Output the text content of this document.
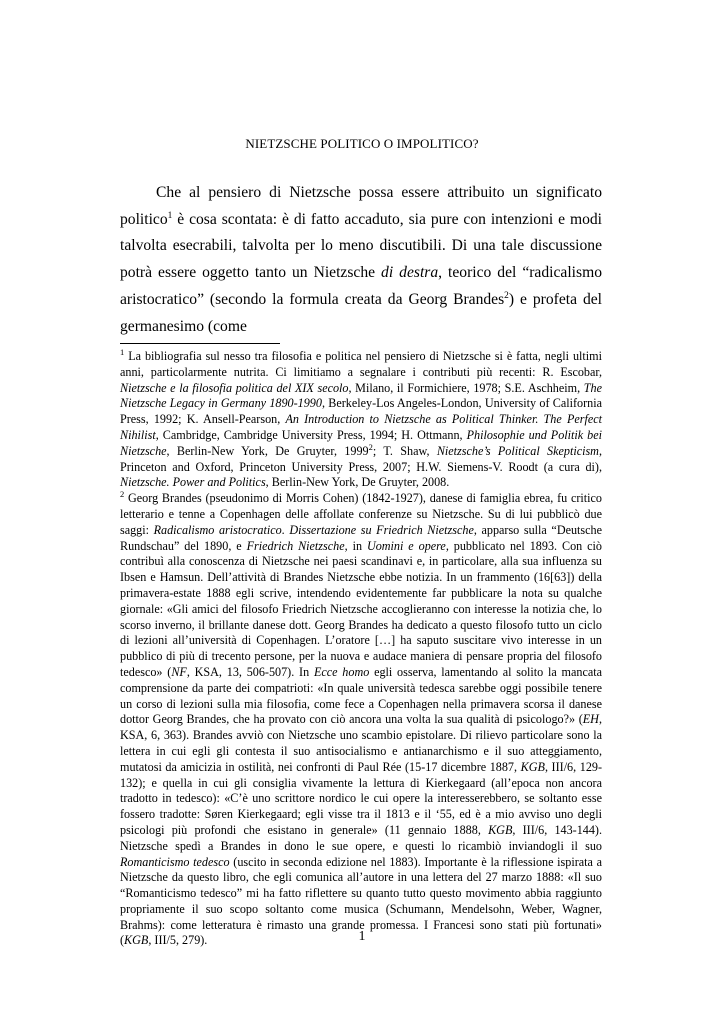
NIETZSCHE POLITICO O IMPOLITICO?

Che al pensiero di Nietzsche possa essere attribuito un significato politico$^1$ è cosa scontata: è di fatto accaduto, sia pure con intenzioni e modi talvolta esecrabili, talvolta per lo meno discutibili. Di una tale discussione potrà essere oggetto tanto un Nietzsche di destra, teorico del “radicalismo aristocratico” (secondo la formula creata da Georg Brandes$^2$) e profeta del germanesimo (come

$^1$ La bibliografia sul nesso tra filosofia e politica nel pensiero di Nietzsche si è fatta, negli ultimi anni, particolarmente nutrita. Ci limitiamo a segnalare i contributi più recenti: R. Escobar, Nietzsche e la filosofia politica del XIX secolo, Milano, il Formichiere, 1978; S.E. Aschheim, The Nietzsche Legacy in Germany 1890-1990, Berkeley-Los Angeles-London, University of California Press, 1992; K. Ansell-Pearson, An Introduction to Nietzsche as Political Thinker. The Perfect Nihilist, Cambridge, Cambridge University Press, 1994; H. Ottmann, Philosophie und Politik bei Nietzsche, Berlin-New York, De Gruyter, 1999$^2$; T. Shaw, Nietzsche’s Political Skepticism, Princeton and Oxford, Princeton University Press, 2007; H.W. Siemens-V. Roodt (a cura di), Nietzsche. Power and Politics, Berlin-New York, De Gruyter, 2008.

$^2$ Georg Brandes (pseudonimo di Morris Cohen) (1842-1927), danese di famiglia ebrea, fu critico letterario e tenne a Copenhagen delle affollate conferenze su Nietzsche. Su di lui pubblicò due saggi: Radicalismo aristocratico. Dissertazione su Friedrich Nietzsche, apparso sulla “Deutsche Rundschau” del 1890, e Friedrich Nietzsche, in Uomini e opere, pubblicato nel 1893. Con ciò contribuì alla conoscenza di Nietzsche nei paesi scandinavi e, in particolare, alla sua influenza su Ibsen e Hamsun. Dell’attività di Brandes Nietzsche ebbe notizia. In un frammento (16[63]) della primavera-estate 1888 egli scrive, intendendo evidentemente far pubblicare la nota su qualche giornale: «Gli amici del filosofo Friedrich Nietzsche accoglieranno con interesse la notizia che, lo scorso inverno, il brillante danese dott. Georg Brandes ha dedicato a questo filosofo tutto un ciclo di lezioni all’università di Copenhagen. L’oratore […] ha saputo suscitare vivo interesse in un pubblico di più di trecento persone, per la nuova e audace maniera di pensare propria del filosofo tedesco» (NF, KSA, 13, 506-507). In Ecce homo egli osserva, lamentando al solito la mancata comprensione da parte dei compatrioti: «In quale università tedesca sarebbe oggi possibile tenere un corso di lezioni sulla mia filosofia, come fece a Copenhagen nella primavera scorsa il danese dottor Georg Brandes, che ha provato con ciò ancora una volta la sua qualità di psicologo?» (EH, KSA, 6, 363). Brandes avviò con Nietzsche uno scambio epistolare. Di rilievo particolare sono la lettera in cui egli gli contesta il suo antisocialismo e antianarchismo e il suo atteggiamento, mutatosi da amicizia in ostilità, nei confronti di Paul Rée (15-17 dicembre 1887, KGB, III/6, 129-132); e quella in cui gli consiglia vivamente la lettura di Kierkegaard (all’epoca non ancora tradotto in tedesco): «C’è uno scrittore nordico le cui opere la interesserebbero, se soltanto esse fossero tradotte: Søren Kierkegaard; egli visse tra il 1813 e il ‘55, ed è a mio avviso uno degli psicologi più profondi che esistano in generale» (11 gennaio 1888, KGB, III/6, 143-144). Nietzsche spedì a Brandes in dono le sue opere, e questi lo ricambiò inviandogli il suo Romanticismo tedesco (uscito in seconda edizione nel 1883). Importante è la riflessione ispirata a Nietzsche da questo libro, che egli comunica all’autore in una lettera del 27 marzo 1888: «Il suo “Romanticismo tedesco” mi ha fatto riflettere su quanto tutto questo movimento abbia raggiunto propriamente il suo scopo soltanto come musica (Schumann, Mendelsohn, Weber, Wagner, Brahms): come letteratura è rimasto una grande promessa. I Francesi sono stati più fortunati» (KGB, III/5, 279).	1
